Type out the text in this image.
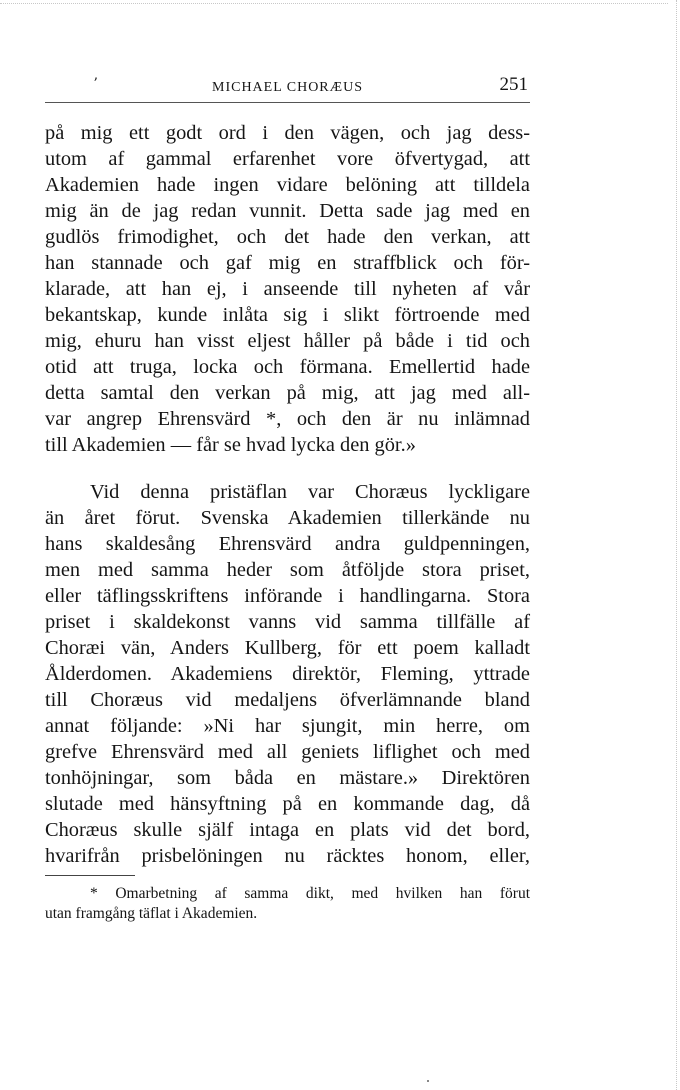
ʼ	MICHAEL CHORÆUS	251
på mig ett godt ord i den vägen, och jag dess-
utom af gammal erfarenhet vore öfvertygad, att
Akademien hade ingen vidare belöning att tilldela
mig än de jag redan vunnit. Detta sade jag med en
gudlös frimodighet, och det hade den verkan, att
han stannade och gaf mig en straffblick och för-
klarade, att han ej, i anseende till nyheten af vår
bekantskap, kunde inlåta sig i slikt förtroende med
mig, ehuru han visst eljest håller på både i tid och
otid att truga, locka och förmana. Emellertid hade
detta samtal den verkan på mig, att jag med all-
var angrep Ehrensvärd *, och den är nu inlämnad
till Akademien — får se hvad lycka den gör.»
Vid denna pristäflan var Choræus lyckligare
än året förut. Svenska Akademien tillerkände nu
hans skaldesång Ehrensvärd andra guldpenningen,
men med samma heder som åtföljde stora priset,
eller täflingsskriftens införande i handlingarna. Stora
priset i skaldekonst vanns vid samma tillfälle af
Choræi vän, Anders Kullberg, för ett poem kalladt
Ålderdomen. Akademiens direktör, Fleming, yttrade
till Choræus vid medaljens öfverlämnande bland
annat följande: »Ni har sjungit, min herre, om
grefve Ehrensvärd med all geniets liflighet och med
tonhöjningar, som båda en mästare.» Direktören
slutade med hänsyftning på en kommande dag, då
Choræus skulle själf intaga en plats vid det bord,
hvarifrån prisbelöningen nu räcktes honom, eller,
* Omarbetning af samma dikt, med hvilken han förut
utan framgång täflat i Akademien.
